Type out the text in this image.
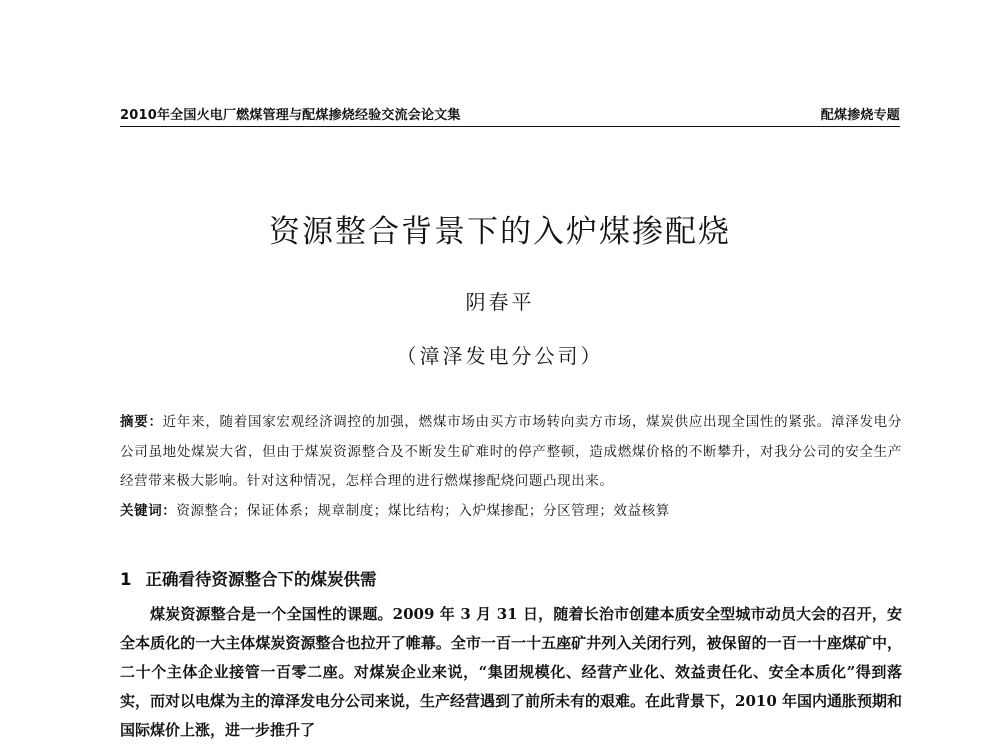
2010年全国火电厂燃煤管理与配煤掺烧经验交流会论文集	配煤掺烧专题
资源整合背景下的入炉煤掺配烧
阴春平
（漳泽发电分公司）

摘要：近年来，随着国家宏观经济调控的加强，燃煤市场由买方市场转向卖方市场，煤炭供应出现全国性的紧张。漳泽发电分公司虽地处煤炭大省，但由于煤炭资源整合及不断发生矿难时的停产整顿，造成燃煤价格的不断攀升，对我分公司的安全生产经营带来极大影响。针对这种情况，怎样合理的进行燃煤掺配烧问题凸现出来。

关键词：资源整合；保证体系；规章制度；煤比结构；入炉煤掺配；分区管理；效益核算

1 正确看待资源整合下的煤炭供需

煤炭资源整合是一个全国性的课题。2009 年 3 月 31 日，随着长治市创建本质安全型城市动员大会的召开，安全本质化的一大主体煤炭资源整合也拉开了帷幕。全市一百一十五座矿井列入关闭行列，被保留的一百一十座煤矿中，二十个主体企业接管一百零二座。对煤炭企业来说，“集团规模化、经营产业化、效益责任化、安全本质化”得到落实，而对以电煤为主的漳泽发电分公司来说，生产经营遇到了前所未有的艰难。在此背景下，2010 年国内通胀预期和国际煤价上涨，进一步推升了
